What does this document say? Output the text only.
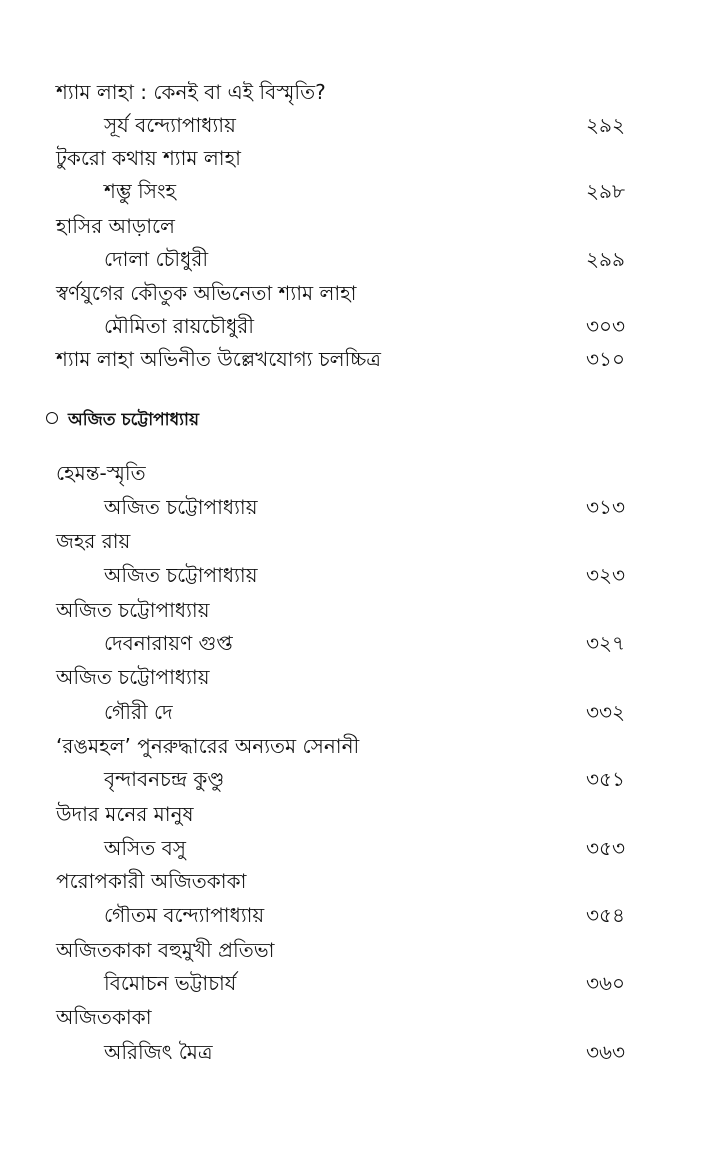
শ্যাম লাহা : কেনই বা এই বিস্মৃতি?
সূর্য বন্দ্যোপাধ্যায়	২৯২
টুকরো কথায় শ্যাম লাহা
শম্ভু সিংহ	২৯৮
হাসির আড়ালে
দোলা চৌধুরী	২৯৯
স্বর্ণযুগের কৌতুক অভিনেতা শ্যাম লাহা
মৌমিতা রায়চৌধুরী	৩০৩
শ্যাম লাহা অভিনীত উল্লেখযোগ্য চলচ্চিত্র	৩১০
অজিত চট্টোপাধ্যায়
হেমন্ত-স্মৃতি
অজিত চট্টোপাধ্যায়	৩১৩
জহর রায়
অজিত চট্টোপাধ্যায়	৩২৩
অজিত চট্টোপাধ্যায়
দেবনারায়ণ গুপ্ত	৩২৭
অজিত চট্টোপাধ্যায়
গৌরী দে	৩৩২
‘রঙমহল’ পুনরুদ্ধারের অন্যতম সেনানী
বৃন্দাবনচন্দ্র কুণ্ডু	৩৫১
উদার মনের মানুষ
অসিত বসু	৩৫৩
পরোপকারী অজিতকাকা
গৌতম বন্দ্যোপাধ্যায়	৩৫৪
অজিতকাকা বহুমুখী প্রতিভা
বিমোচন ভট্টাচার্য	৩৬০
অজিতকাকা
অরিজিৎ মৈত্র	৩৬৩
